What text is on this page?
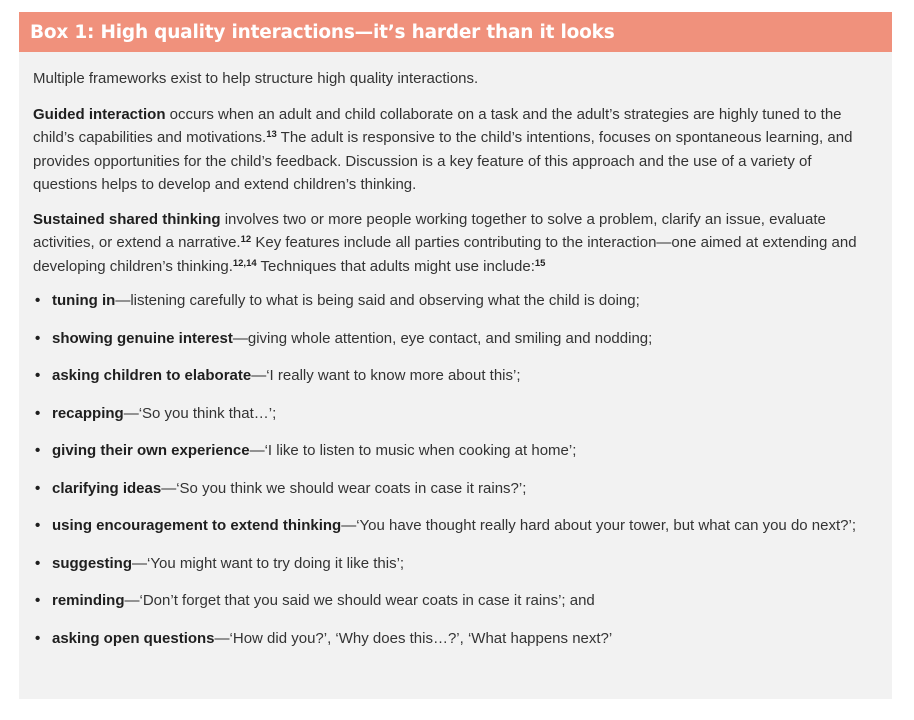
Box 1: High quality interactions—it’s harder than it looks

Multiple frameworks exist to help structure high quality interactions.

Guided interaction occurs when an adult and child collaborate on a task and the adult’s strategies are highly tuned to the child’s capabilities and motivations.$^{13}$ The adult is responsive to the child’s intentions, focuses on spontaneous learning, and provides opportunities for the child’s feedback. Discussion is a key feature of this approach and the use of a variety of questions helps to develop and extend children’s thinking.

Sustained shared thinking involves two or more people working together to solve a problem, clarify an issue, evaluate activities, or extend a narrative.$^{12}$ Key features include all parties contributing to the interaction—one aimed at extending and developing children’s thinking.$^{12,14}$ Techniques that adults might use include:$^{15}$

• tuning in—listening carefully to what is being said and observing what the child is doing;
• showing genuine interest—giving whole attention, eye contact, and smiling and nodding;
• asking children to elaborate—‘I really want to know more about this’;
• recapping—‘So you think that…’;
• giving their own experience—‘I like to listen to music when cooking at home’;
• clarifying ideas—‘So you think we should wear coats in case it rains?’;
• using encouragement to extend thinking—‘You have thought really hard about your tower, but what can you do next?’;
• suggesting—‘You might want to try doing it like this’;
• reminding—‘Don’t forget that you said we should wear coats in case it rains’; and
• asking open questions—‘How did you?’, ‘Why does this…?’, ‘What happens next?’
